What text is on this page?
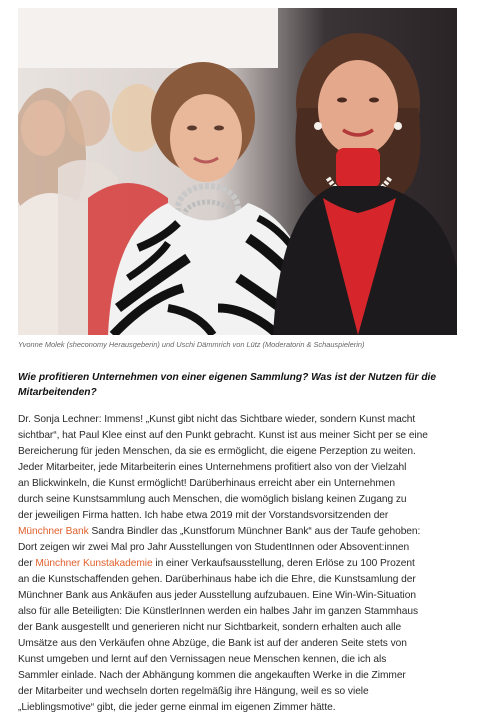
Yvonne Molek (sheconomy Herausgeberin) und Uschi Dämmrich von Lütz (Moderatorin & Schauspielerin)
Wie profitieren Unternehmen von einer eigenen Sammlung? Was ist der Nutzen für die Mitarbeitenden?
Dr. Sonja Lechner: Immens! „Kunst gibt nicht das Sichtbare wieder, sondern Kunst macht
sichtbar“, hat Paul Klee einst auf den Punkt gebracht. Kunst ist aus meiner Sicht per se eine
Bereicherung für jeden Menschen, da sie es ermöglicht, die eigene Perzeption zu weiten.
Jeder Mitarbeiter, jede Mitarbeiterin eines Unternehmens profitiert also von der Vielzahl
an Blickwinkeln, die Kunst ermöglicht! Darüberhinaus erreicht aber ein Unternehmen
durch seine Kunstsammlung auch Menschen, die womöglich bislang keinen Zugang zu
der jeweiligen Firma hatten. Ich habe etwa 2019 mit der Vorstandsvorsitzenden der
Münchner Bank Sandra Bindler das „Kunstforum Münchner Bank“ aus der Taufe gehoben:
Dort zeigen wir zwei Mal pro Jahr Ausstellungen von StudentInnen oder Absovent:innen
der Münchner Kunstakademie in einer Verkaufsausstellung, deren Erlöse zu 100 Prozent
an die Kunstschaffenden gehen. Darüberhinaus habe ich die Ehre, die Kunstsamlung der
Münchner Bank aus Ankäufen aus jeder Ausstellung aufzubauen. Eine Win-Win-Situation
also für alle Beteiligten: Die KünstlerInnen werden ein halbes Jahr im ganzen Stammhaus
der Bank ausgestellt und generieren nicht nur Sichtbarkeit, sondern erhalten auch alle
Umsätze aus den Verkäufen ohne Abzüge, die Bank ist auf der anderen Seite stets von
Kunst umgeben und lernt auf den Vernissagen neue Menschen kennen, die ich als
Sammler einlade. Nach der Abhängung kommen die angekauften Werke in die Zimmer
der Mitarbeiter und wechseln dorten regelmäßig ihre Hängung, weil es so viele
„Lieblingsmotive“ gibt, die jeder gerne einmal im eigenen Zimmer hätte.
